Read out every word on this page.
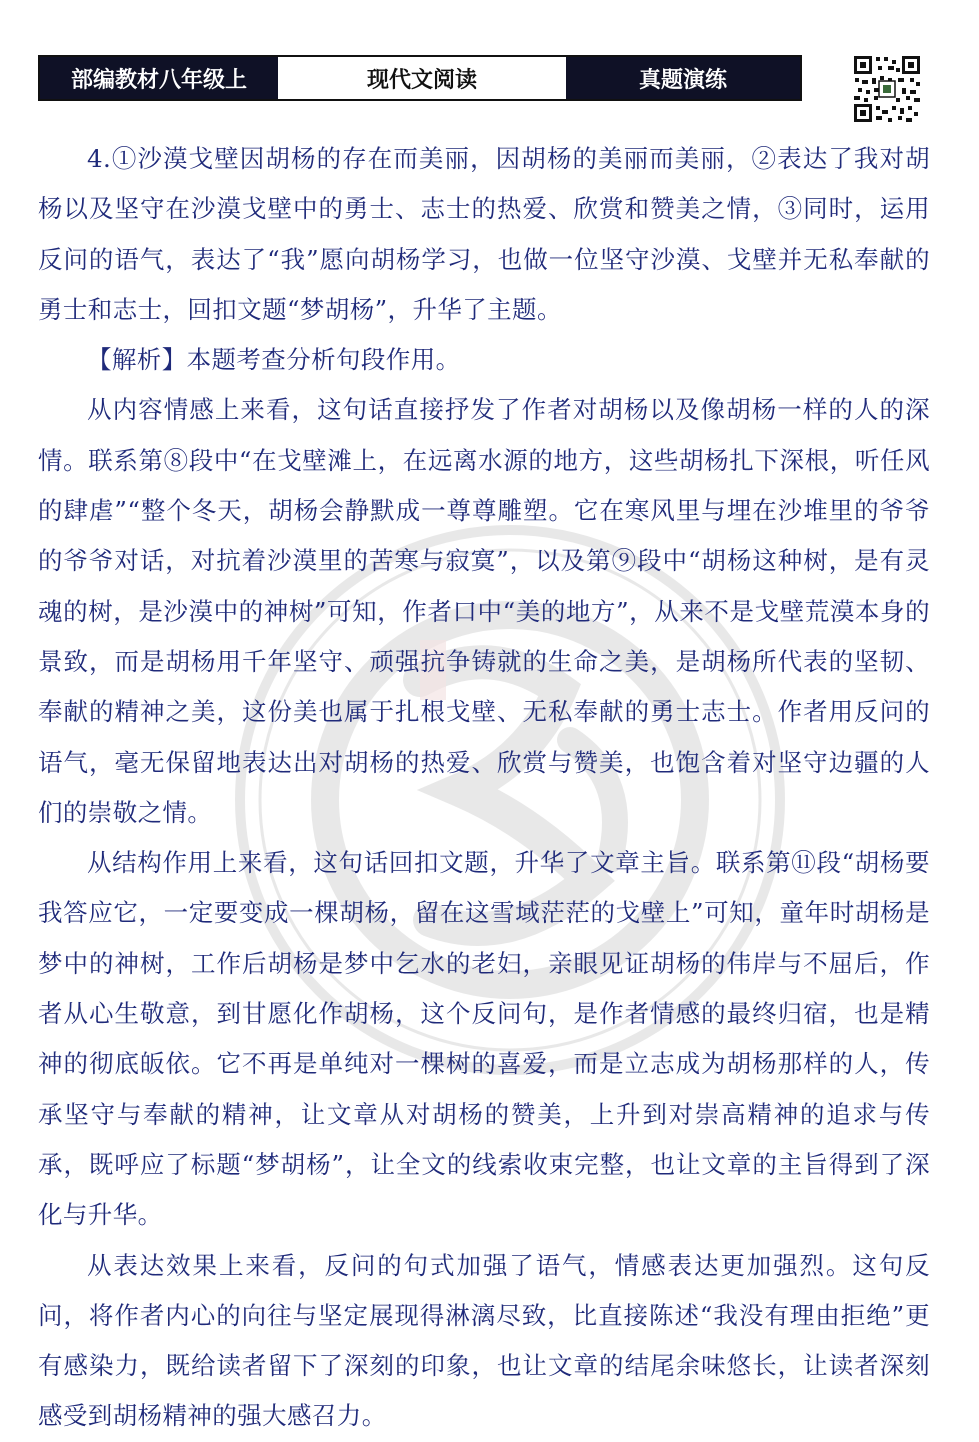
部编教材八年级上	现代文阅读	真题演练

4.①沙漠戈壁因胡杨的存在而美丽，因胡杨的美丽而美丽，②表达了我对胡杨以及坚守在沙漠戈壁中的勇士、志士的热爱、欣赏和赞美之情，③同时，运用反问的语气，表达了“我”愿向胡杨学习，也做一位坚守沙漠、戈壁并无私奉献的勇士和志士，回扣文题“梦胡杨”，升华了主题。

【解析】本题考查分析句段作用。

从内容情感上来看，这句话直接抒发了作者对胡杨以及像胡杨一样的人的深情。联系第⑧段中“在戈壁滩上，在远离水源的地方，这些胡杨扎下深根，听任风的肆虐”“整个冬天，胡杨会静默成一尊尊雕塑。它在寒风里与埋在沙堆里的爷爷的爷爷对话，对抗着沙漠里的苦寒与寂寞”，以及第⑨段中“胡杨这种树，是有灵魂的树，是沙漠中的神树”可知，作者口中“美的地方”，从来不是戈壁荒漠本身的景致，而是胡杨用千年坚守、顽强抗争铸就的生命之美，是胡杨所代表的坚韧、奉献的精神之美，这份美也属于扎根戈壁、无私奉献的勇士志士。作者用反问的语气，毫无保留地表达出对胡杨的热爱、欣赏与赞美，也饱含着对坚守边疆的人们的崇敬之情。

从结构作用上来看，这句话回扣文题，升华了文章主旨。联系第⑪段“胡杨要我答应它，一定要变成一棵胡杨，留在这雪域茫茫的戈壁上”可知，童年时胡杨是梦中的神树，工作后胡杨是梦中乞水的老妇，亲眼见证胡杨的伟岸与不屈后，作者从心生敬意，到甘愿化作胡杨，这个反问句，是作者情感的最终归宿，也是精神的彻底皈依。它不再是单纯对一棵树的喜爱，而是立志成为胡杨那样的人，传承坚守与奉献的精神，让文章从对胡杨的赞美，上升到对崇高精神的追求与传承，既呼应了标题“梦胡杨”，让全文的线索收束完整，也让文章的主旨得到了深化与升华。

从表达效果上来看，反问的句式加强了语气，情感表达更加强烈。这句反问，将作者内心的向往与坚定展现得淋漓尽致，比直接陈述“我没有理由拒绝”更有感染力，既给读者留下了深刻的印象，也让文章的结尾余味悠长，让读者深刻感受到胡杨精神的强大感召力。
